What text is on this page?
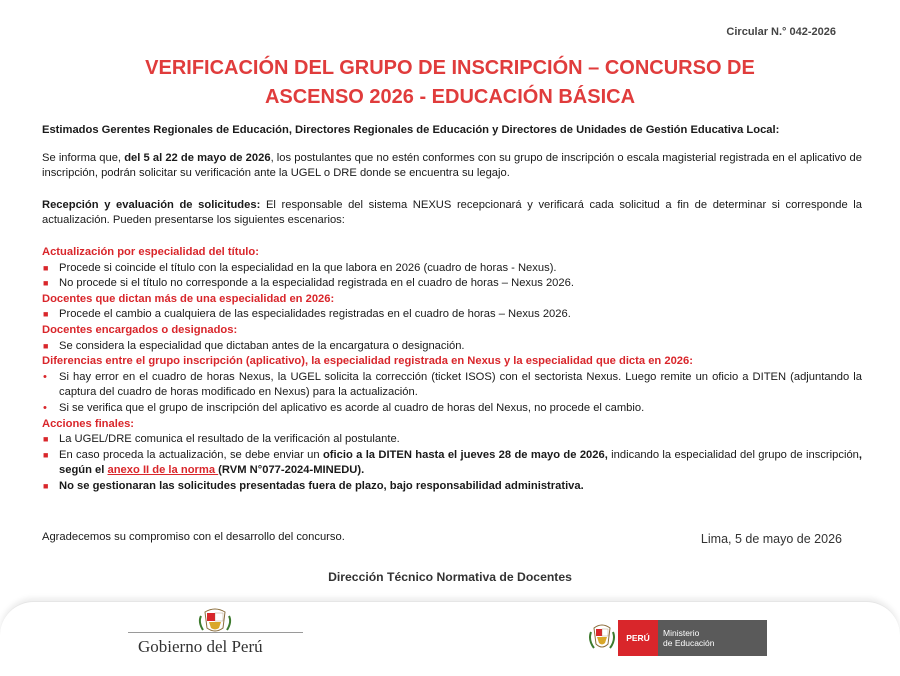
Circular N.° 042-2026
VERIFICACIÓN DEL GRUPO DE INSCRIPCIÓN – CONCURSO DE
ASCENSO 2026 - EDUCACIÓN BÁSICA

Estimados Gerentes Regionales de Educación, Directores Regionales de Educación y Directores de Unidades de Gestión Educativa Local:

Se informa que, del 5 al 22 de mayo de 2026, los postulantes que no estén conformes con su grupo de inscripción o escala magisterial registrada en el aplicativo de inscripción, podrán solicitar su verificación ante la UGEL o DRE donde se encuentra su legajo.

Recepción y evaluación de solicitudes: El responsable del sistema NEXUS recepcionará y verificará cada solicitud a fin de determinar si corresponde la actualización. Pueden presentarse los siguientes escenarios:

Actualización por especialidad del título:
■ Procede si coincide el título con la especialidad en la que labora en 2026 (cuadro de horas - Nexus).
■ No procede si el título no corresponde a la especialidad registrada en el cuadro de horas – Nexus 2026.
Docentes que dictan más de una especialidad en 2026:
■ Procede el cambio a cualquiera de las especialidades registradas en el cuadro de horas – Nexus 2026.
Docentes encargados o designados:
■ Se considera la especialidad que dictaban antes de la encargatura o designación.
Diferencias entre el grupo inscripción (aplicativo), la especialidad registrada en Nexus y la especialidad que dicta en 2026:
• Si hay error en el cuadro de horas Nexus, la UGEL solicita la corrección (ticket ISOS) con el sectorista Nexus. Luego remite un oficio a DITEN (adjuntando la captura del cuadro de horas modificado en Nexus) para la actualización.
• Si se verifica que el grupo de inscripción del aplicativo es acorde al cuadro de horas del Nexus, no procede el cambio.
Acciones finales:
■ La UGEL/DRE comunica el resultado de la verificación al postulante.
■ En caso proceda la actualización, se debe enviar un oficio a la DITEN hasta el jueves 28 de mayo de 2026, indicando la especialidad del grupo de inscripción, según el anexo II de la norma (RVM N°077-2024-MINEDU).
■ No se gestionaran las solicitudes presentadas fuera de plazo, bajo responsabilidad administrativa.
Agradecemos su compromiso con el desarrollo del concurso.	Lima, 5 de mayo de 2026
Dirección Técnico Normativa de Docentes
Gobierno del Perú	PERÚ	Ministerio
de Educación
